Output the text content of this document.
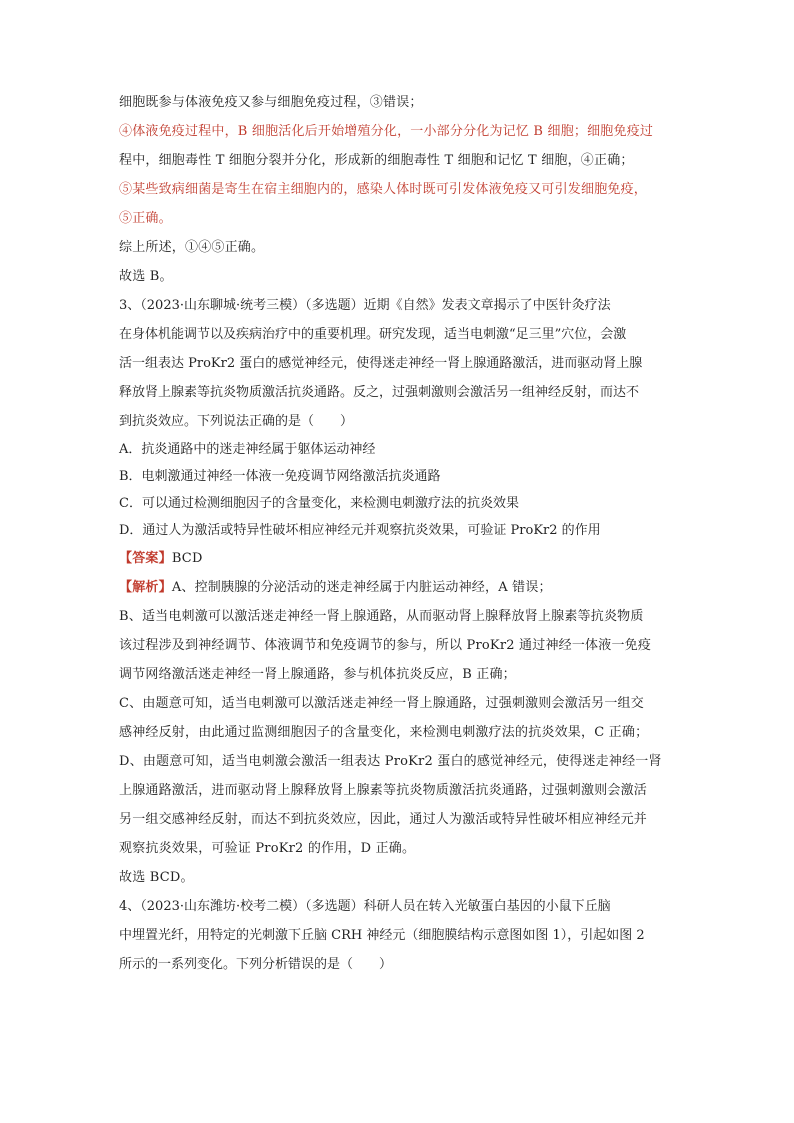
细胞既参与体液免疫又参与细胞免疫过程，③错误；

④体液免疫过程中，B 细胞活化后开始增殖分化，一小部分分化为记忆 B 细胞；细胞免疫过

程中，细胞毒性 T 细胞分裂并分化，形成新的细胞毒性 T 细胞和记忆 T 细胞，④正确；

⑤某些致病细菌是寄生在宿主细胞内的，感染人体时既可引发体液免疫又可引发细胞免疫，

⑤正确。

综上所述，①④⑤正确。

故选 B。

3、（2023·山东聊城·统考三模）（多选题）近期《自然》发表文章揭示了中医针灸疗法

在身体机能调节以及疾病治疗中的重要机理。研究发现，适当电刺激“足三里”穴位，会激

活一组表达 ProKr2 蛋白的感觉神经元，使得迷走神经一肾上腺通路激活，进而驱动肾上腺

释放肾上腺素等抗炎物质激活抗炎通路。反之，过强刺激则会激活另一组神经反射，而达不

到抗炎效应。下列说法正确的是（　　）

A．抗炎通路中的迷走神经属于躯体运动神经

B．电刺激通过神经一体液一免疫调节网络激活抗炎通路

C．可以通过检测细胞因子的含量变化，来检测电刺激疗法的抗炎效果

D．通过人为激活或特异性破坏相应神经元并观察抗炎效果，可验证 ProKr2 的作用

【答案】BCD

【解析】A、控制胰腺的分泌活动的迷走神经属于内脏运动神经，A 错误；

B、适当电刺激可以激活迷走神经一肾上腺通路，从而驱动肾上腺释放肾上腺素等抗炎物质

该过程涉及到神经调节、体液调节和免疫调节的参与，所以 ProKr2 通过神经一体液一免疫

调节网络激活迷走神经一肾上腺通路，参与机体抗炎反应，B 正确；

C、由题意可知，适当电刺激可以激活迷走神经一肾上腺通路，过强刺激则会激活另一组交

感神经反射，由此通过监测细胞因子的含量变化，来检测电刺激疗法的抗炎效果，C 正确；

D、由题意可知，适当电刺激会激活一组表达 ProKr2 蛋白的感觉神经元，使得迷走神经一肾

上腺通路激活，进而驱动肾上腺释放肾上腺素等抗炎物质激活抗炎通路，过强刺激则会激活

另一组交感神经反射，而达不到抗炎效应，因此，通过人为激活或特异性破坏相应神经元并

观察抗炎效果，可验证 ProKr2 的作用，D 正确。

故选 BCD。

4、（2023·山东潍坊·校考二模）（多选题）科研人员在转入光敏蛋白基因的小鼠下丘脑

中埋置光纤，用特定的光刺激下丘脑 CRH 神经元（细胞膜结构示意图如图 1），引起如图 2

所示的一系列变化。下列分析错误的是（　　）
